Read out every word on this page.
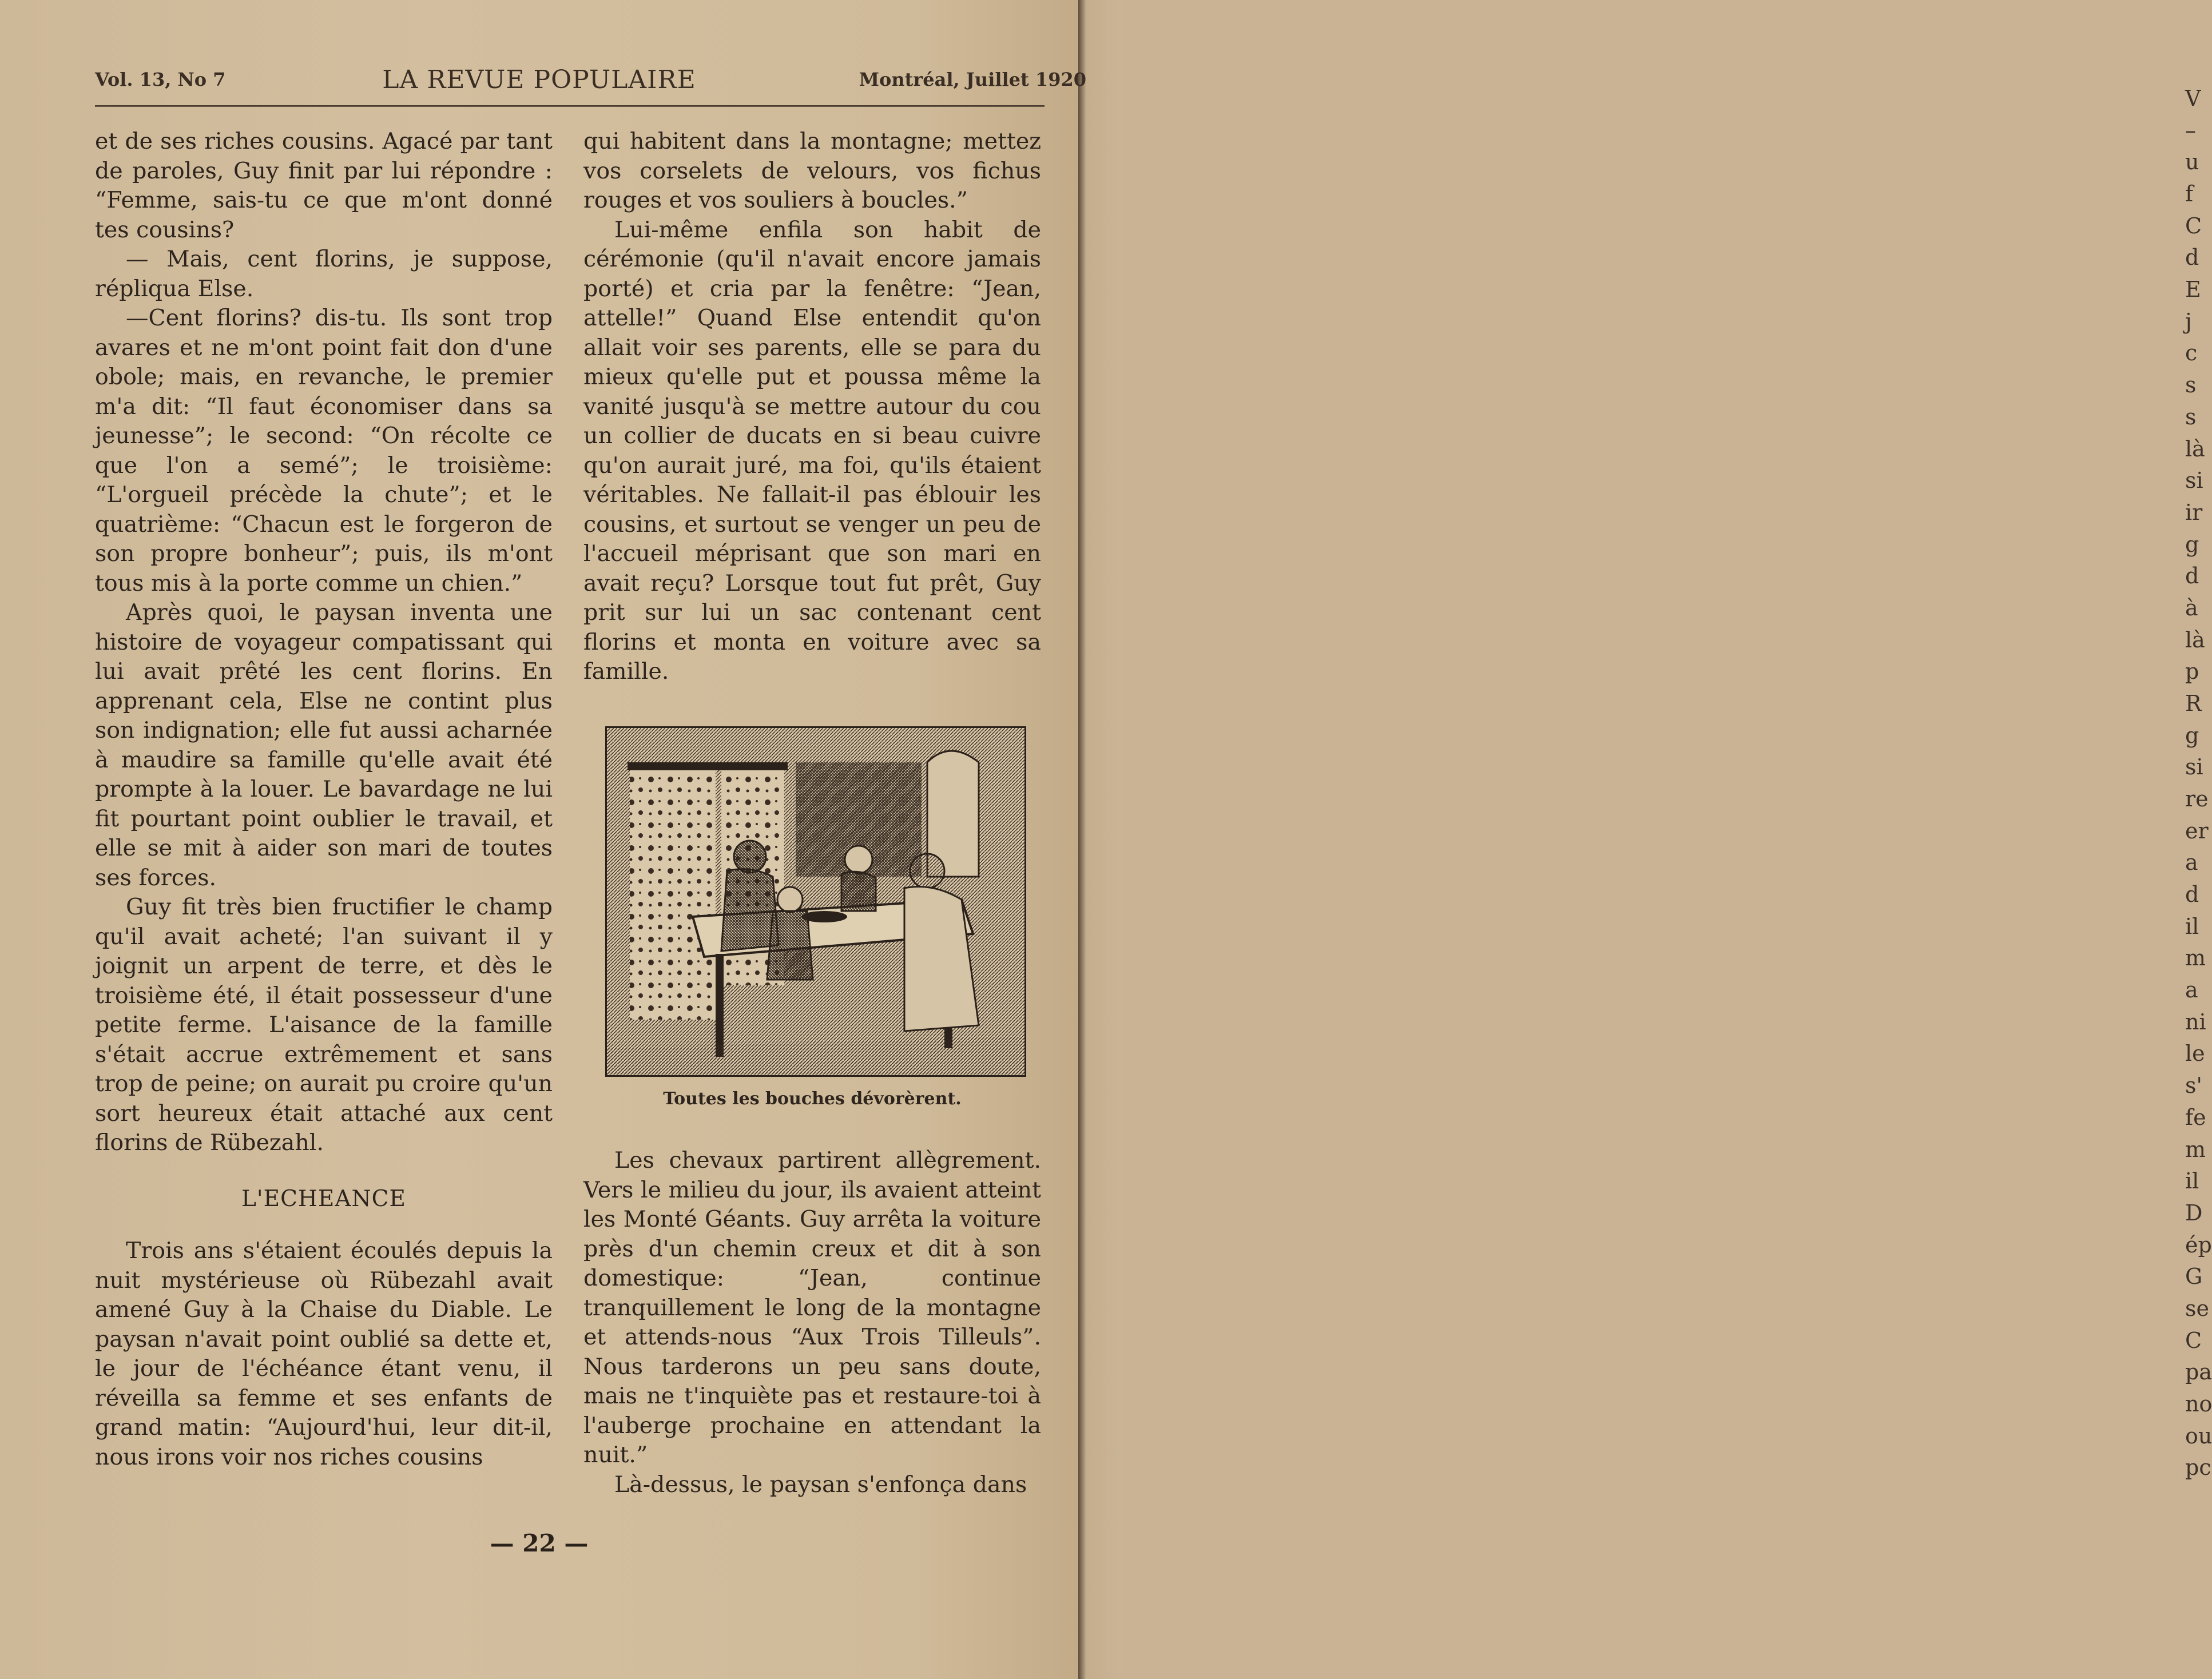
V
–
u
f
C
d
E
j
c
s
s
là
si
ir
g
d
à
là
p
R
g
si
re
er
a
d
il
m
a
ni
le
s'
fe
m
il
D
ép
G
se
C
pa
no
ou
pc
Vol. 13, No 7	LA REVUE POPULAIRE	Montréal, Juillet 1920

et de ses riches cousins. Agacé par tant de paroles, Guy finit par lui répondre : “Femme, sais-tu ce que m'ont donné tes cousins?

— Mais, cent florins, je suppose, répliqua Else.

—Cent florins? dis-tu. Ils sont trop avares et ne m'ont point fait don d'une obole; mais, en revanche, le premier m'a dit: “Il faut économiser dans sa jeunesse”; le second: “On récolte ce que l'on a semé”; le troisième: “L'orgueil précède la chute”; et le quatrième: “Chacun est le forgeron de son propre bonheur”; puis, ils m'ont tous mis à la porte comme un chien.”

Après quoi, le paysan inventa une histoire de voyageur compatissant qui lui avait prêté les cent florins. En apprenant cela, Else ne contint plus son indignation; elle fut aussi acharnée à maudire sa famille qu'elle avait été prompte à la louer. Le bavardage ne lui fit pourtant point oublier le travail, et elle se mit à aider son mari de toutes ses forces.

Guy fit très bien fructifier le champ qu'il avait acheté; l'an suivant il y joignit un arpent de terre, et dès le troisième été, il était possesseur d'une petite ferme. L'aisance de la famille s'était accrue extrêmement et sans trop de peine; on aurait pu croire qu'un sort heureux était attaché aux cent florins de Rübezahl.

L'ECHEANCE

Trois ans s'étaient écoulés depuis la nuit mystérieuse où Rübezahl avait amené Guy à la Chaise du Diable. Le paysan n'avait point oublié sa dette et, le jour de l'échéance étant venu, il réveilla sa femme et ses enfants de grand matin: “Aujourd'hui, leur dit-il, nous irons voir nos riches cousins

qui habitent dans la montagne; mettez vos corselets de velours, vos fichus rouges et vos souliers à boucles.”

Lui-même enfila son habit de cérémonie (qu'il n'avait encore jamais porté) et cria par la fenêtre: “Jean, attelle!” Quand Else entendit qu'on allait voir ses parents, elle se para du mieux qu'elle put et poussa même la vanité jusqu'à se mettre autour du cou un collier de ducats en si beau cuivre qu'on aurait juré, ma foi, qu'ils étaient véritables. Ne fallait-il pas éblouir les cousins, et surtout se venger un peu de l'accueil méprisant que son mari en avait reçu? Lorsque tout fut prêt, Guy prit sur lui un sac contenant cent florins et monta en voiture avec sa famille.

Toutes les bouches dévorèrent.

Les chevaux partirent allègrement. Vers le milieu du jour, ils avaient atteint les Monté Géants. Guy arrêta la voiture près d'un chemin creux et dit à son domestique: “Jean, continue tranquillement le long de la montagne et attends-nous “Aux Trois Tilleuls”. Nous tarderons un peu sans doute, mais ne t'inquiète pas et restaure-toi à l'auberge prochaine en attendant la nuit.”

Là-dessus, le paysan s'enfonça dans

— 22 —
